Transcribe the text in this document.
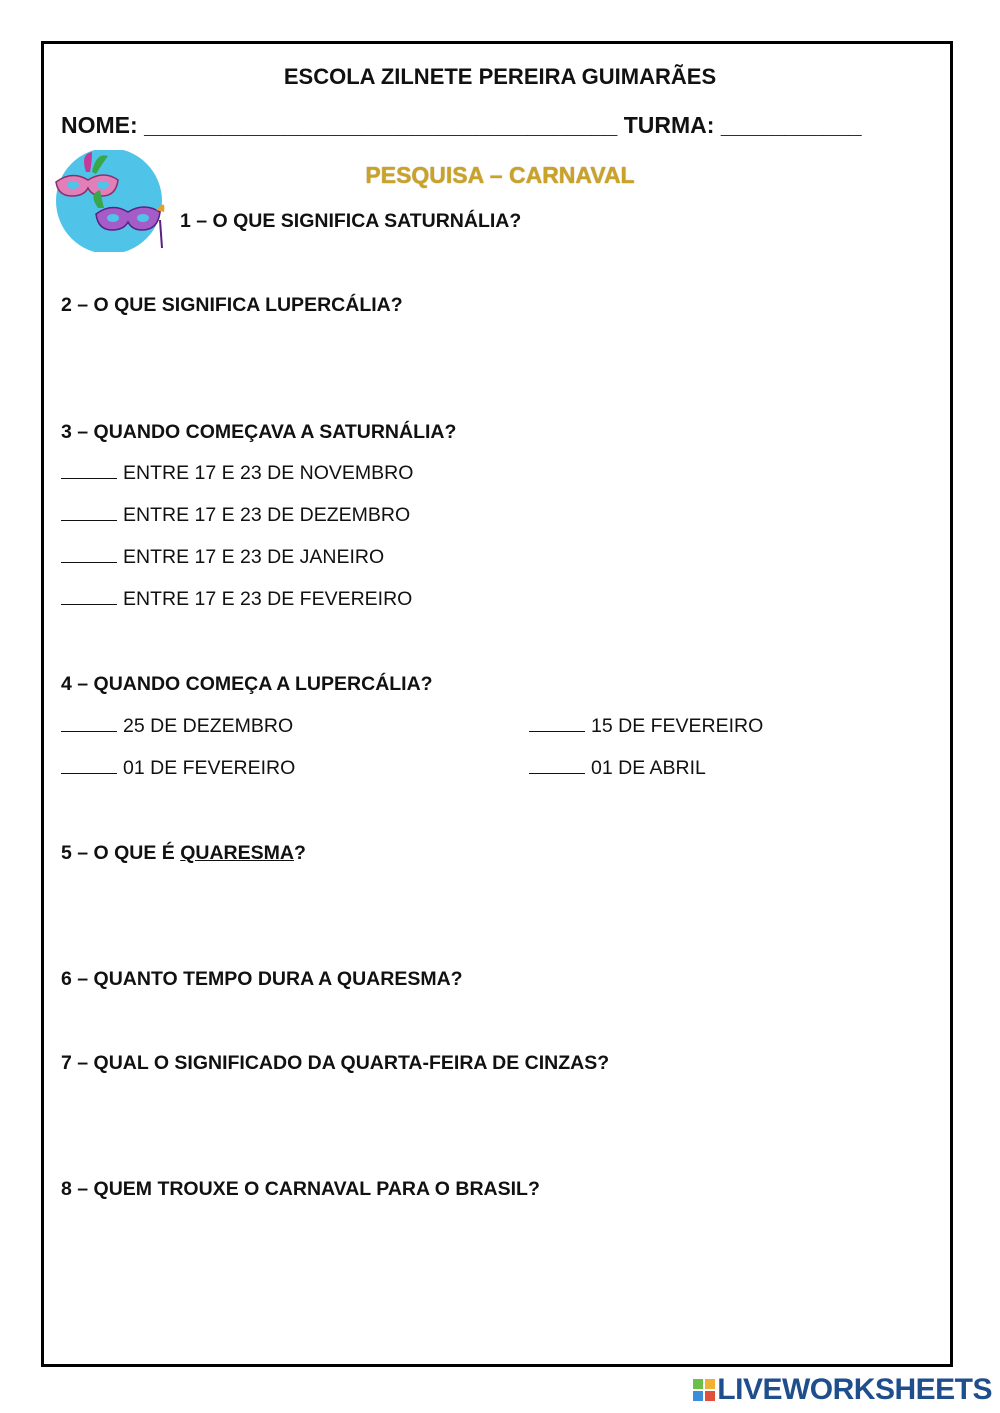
ESCOLA ZILNETE PEREIRA GUIMARÃES
NOME: _____________________________________ TURMA: ___________
PESQUISA – CARNAVAL
1 – O QUE SIGNIFICA SATURNÁLIA?
2 – O QUE SIGNIFICA LUPERCÁLIA?
3 – QUANDO COMEÇAVA A SATURNÁLIA?
ENTRE 17 E 23 DE NOVEMBRO
ENTRE 17 E 23 DE DEZEMBRO
ENTRE 17 E 23 DE JANEIRO
ENTRE 17 E 23 DE FEVEREIRO
4 – QUANDO COMEÇA A LUPERCÁLIA?
25 DE DEZEMBRO	15 DE FEVEREIRO
01 DE FEVEREIRO	01 DE ABRIL
5 – O QUE É QUARESMA?
6 – QUANTO TEMPO DURA A QUARESMA?
7 – QUAL O SIGNIFICADO DA QUARTA-FEIRA DE CINZAS?
8 – QUEM TROUXE O CARNAVAL PARA O BRASIL?
LIVEWORKSHEETS
